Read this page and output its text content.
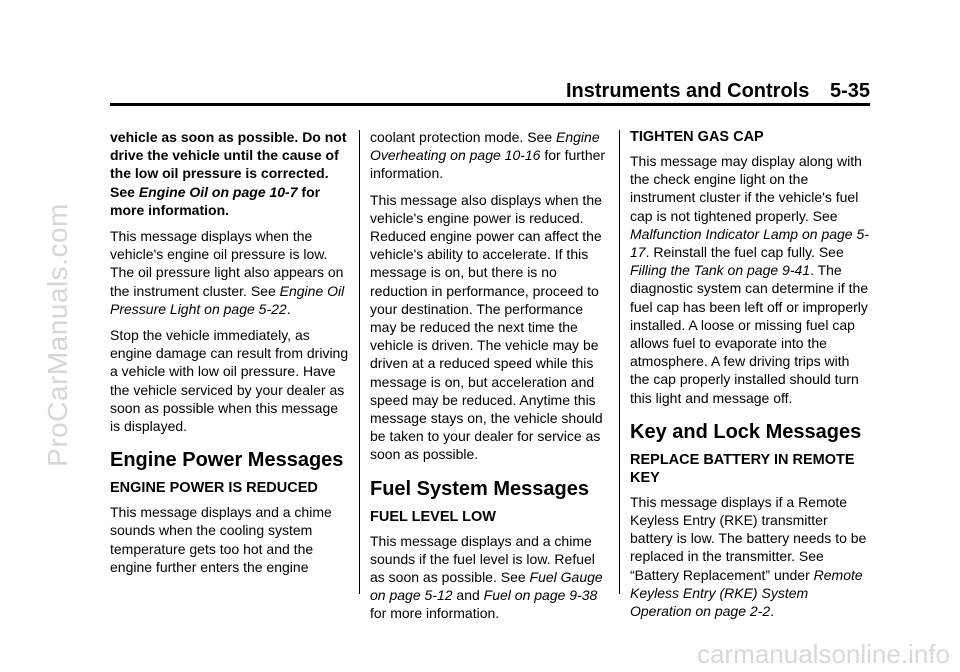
ProCarManuals.com
carmanualsonline.info
Instruments and Controls 5-35

vehicle as soon as possible. Do not drive the vehicle until the cause of the low oil pressure is corrected. See Engine Oil on page 10-7 for more information.

This message displays when the vehicle's engine oil pressure is low. The oil pressure light also appears on the instrument cluster. See Engine Oil Pressure Light on page 5-22.

Stop the vehicle immediately, as engine damage can result from driving a vehicle with low oil pressure. Have the vehicle serviced by your dealer as soon as possible when this message is displayed.

Engine Power Messages
ENGINE POWER IS REDUCED

This message displays and a chime sounds when the cooling system temperature gets too hot and the engine further enters the engine

coolant protection mode. See Engine Overheating on page 10-16 for further information.

This message also displays when the vehicle's engine power is reduced. Reduced engine power can affect the vehicle's ability to accelerate. If this message is on, but there is no reduction in performance, proceed to your destination. The performance may be reduced the next time the vehicle is driven. The vehicle may be driven at a reduced speed while this message is on, but acceleration and speed may be reduced. Anytime this message stays on, the vehicle should be taken to your dealer for service as soon as possible.

Fuel System Messages
FUEL LEVEL LOW

This message displays and a chime sounds if the fuel level is low. Refuel as soon as possible. See Fuel Gauge on page 5-12 and Fuel on page 9-38 for more information.

TIGHTEN GAS CAP

This message may display along with the check engine light on the instrument cluster if the vehicle's fuel cap is not tightened properly. See Malfunction Indicator Lamp on page 5-17. Reinstall the fuel cap fully. See Filling the Tank on page 9-41. The diagnostic system can determine if the fuel cap has been left off or improperly installed. A loose or missing fuel cap allows fuel to evaporate into the atmosphere. A few driving trips with the cap properly installed should turn this light and message off.

Key and Lock Messages
REPLACE BATTERY IN REMOTE KEY

This message displays if a Remote Keyless Entry (RKE) transmitter battery is low. The battery needs to be replaced in the transmitter. See “Battery Replacement” under Remote Keyless Entry (RKE) System Operation on page 2-2.
